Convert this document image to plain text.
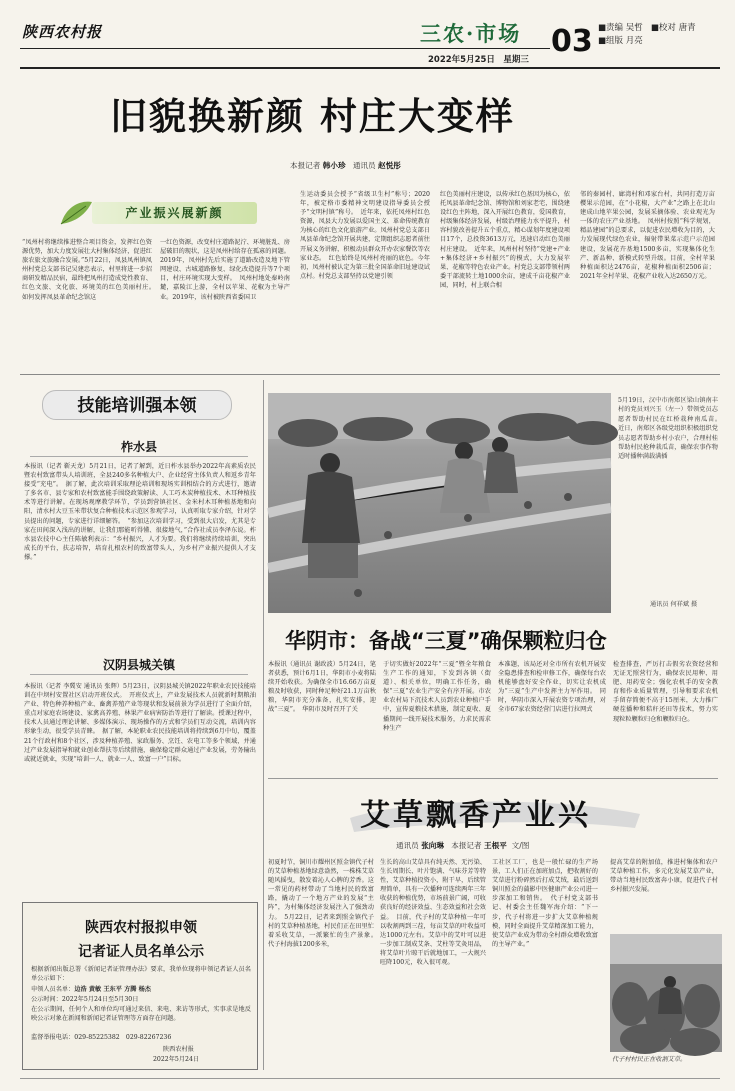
陕西农村报	三农·市场 03 ■责编 吴哲 ■校对 唐青
■组版 月亮
2022年5月25日　星期三
旧貌换新颜 村庄大变样
本报记者 韩小珍 通讯员 赵悦彤
产业振兴展新颜
“凤州村将继续推进整合项目资金，发挥红色资源优势，加大力度发展壮大村集体经济，促进红旅农旅文旅融合发展。”5月22日，凤县凤州镇凤州村党总支部书记吴建忠表示，村里将进一步招商研发精品民宿，最终把凤州打造成党性教育、红色文旅、文化旅、环境美的红色美丽村庄。　如何发挥凤县革命纪念馆这
一红色资源，改变村庄道路泥泞、环境脏乱、房屋破旧的现状，这是凤州村给存在孤寡的问题。2019年，凤州村先后实施了道路改造及地下管网建设、古城道路修复、绿化改造提升等7个项目，村庄环境实现大变样。　凤州村地处秦岭南麓，嘉陵江上游，全村以苹果、花椒为主导产业。2019年，该村被陕西省委国卫
生运动委员会授予“省级卫生村”称号；2020年，被定格市委精神文明建设指导委员会授予“文明村镇”称号。　近年来，依托凤州村红色资源，凤县大力发展以爱国主义、革命传统教育为核心的红色文化旅游产业。凤州村党总支部日凤县革命纪念馆开展共建，定期组织志愿者前往开展义务讲解，积极动员群众开办农家餐饮等农家业态。　红色始终是凤州村亮丽的底色。今年初，凤州村被认定为第三批全国革命旧址建设试点村。村党总支部坚持以党建引领
红色美丽村庄建设，以传承红色基因为核心，依托凤县革命纪念馆、博物馆和刘家老宅，围绕建设红色主阵地，深入开展红色教育，爱国教育，村级集体经济发展，村级治理能力水平提升，村容村貌改善提升五个重点，精心谋划年度建设项目17个，总投资3613万元，迅速启动红色美丽村庄建设。　近年来，凤州村村坚持“党建+产业+集体经济+乡村振兴”的模式，大力发展苹果、花椒等特色农业产业。村党总支部带领村两委干部流转土地1000余亩，建成千亩花椒产业园，同时，村上联合相
邻的秦园村、廊湾村和邓家台村，共同打造万亩樱果示范园，在“小花椒，大产业”之路上在北山建成山地苹果公园，发展采摘体验、农业观光为一体的农庄产业基地。　凤州村按照“科学规划，精品建园”的总要求，以促进农民增收为目的，大力发展现代绿色农业，辐射带果菜示范户示范园建设，发展花卉基地1500多亩，实现集体化生产、新品种、新模式转型升级。目前，全村苹果种植面积达2476亩，花椒种植面积2506亩；2021年全村苹果、花椒产业收入达2650万元。
技能培训强本领
柞水县
本报讯（记者 靳天龙）5月21日，记者了解到，近日柞水县举办2022年高素质农民暨农村致富带头人培训班，全县240多名种植大户、企业经营主体负责人和返乡青年接受“充电”。　据了解，此次培训采取理论培训和现场实训相结合的方式进行，邀请了多名市、县专家和农村致富能手围绕政策解读、人工巧木炭种植技术、木耳种植技术等进行讲解。在现场观摩教学环节，学员到营镇社区、金米村木耳种植基地和向阳，清水村大豆玉米带状复合种植技术示范区参观学习，认真听取专家介绍，针对学员提出的问题，专家进行详细解答。　“参加这次培训学习，受到很大启发，尤其是专家在田间深入浅出的讲解，让我们那能听得懂、很接地气，”合作社成员李泽东说。柞水县农技中心主任陈敏利表示：“乡村振兴，人才为要。我们将继续持续培训，突出成长的平台，扶志培智，培育扎根农村的致富带头人，为乡村产业振兴提供人才支撑。”
汉阴县城关镇
本报讯（记者 李冀安 通讯员 张辉）5月23日，汉阴县城关镇2022年职业农民技能培训在中坝村安置社区启动开班仪式。　开班仪式上，产业发展技术人员就新时期粮油产业、特色种养种植产业、畜禽养殖产业等现状和发展前景为学员进行了全面介绍，重点对家庭农场建设、家禽高养殖、林果产业病害防治等进行了解读。授课过程中，技术人员通过理论讲解、多媒体演示、现场操作的方式和学员们互动交流，培训内容形象生动，很受学员青睐。　据了解，本轮职业农民技能培训将持续到6月中旬，覆盖21个行政村和8个社区，涉及种植养殖、家政服务、烹饪、农电工等多个领域，并通过产业发展指导和就业创业帮扶等后续措施，确保稳定群众通过产业发展，劳务输出或就近就业，实现“培训一人、就业一人、致富一户”目标。
陕西农村报拟申领
记者证人员名单公示
根据新闻出版总署《新闻记者证管理办法》要求，我单位现将申领记者证人员名单公示如下：
申领人员名单：边浩 黄敏 王东平 方腾 杨杰
公示时间：2022年5月24日至5月30日
在公示期间，任何个人和单位均可通过来信、来电、来访等形式，实事求是地反映公示对象在新闻和新闻记者证管理等方面存在问题。
监督举报电话：029-85225382　029-82267236
陕西农村报
2022年5月24日
5月19日，汉中市南郑区梁山镇南丰村的党员刘兴玉（左一）带领党员志愿者帮助村民在红桥栽种南瓜苗。　近日，南郑区各级党组织积极组织党员志愿者帮助乡村小农户，合理村桂帮助村民抢种栽瓜苗，确保农事作物适时播种满载满插
通讯员 何祥斌 摄
华阴市：备战“三夏”确保颗粒归仓
本报讯（通讯员 谢政波）5月24日，笔者获悉，预计6月1日，华阴市小麦将陆续开始收获。为确保全市16.66万亩夏粮及时收获，同时种足种好21.1万亩秋粮，华阴市充分准备，扎实安排，迎战“三夏”。　华阴市及时召开了关
于切实做好2022年“三夏”暨全年粮食生产工作的通知，下发到各镇（街道）、相关单位，明确工作任务，确保“三夏”农业生产安全有序开展。市农业农村局下沉技术人员到农业种植户手中，宣传夏粮技术措施，制定夏收、夏播期间一线开展技术服务，力求民需求种生产
本准题，该局还对全市所有农机开展安全隐患排查和检审修工作，确保每台农机能够盘好安全作业，切实让农机成为“三夏”生产中发挥主力军作用。　同时，华阴市深入开展农资专项治理，对全市67家农资经营门店进行拉网式
检查排查，严厉打击假劣农资经营和无证无照营行为，确保农民用种、用肥、用药安全；强化农机手的安全教育和作业质量管理，引导和要求农机手留存简便不高于15厘米，大力推广硬茬播种和秸秆还田等技术，努力实现粒粒颗粒归仓和颗粒归仓。
艾草飘香产业兴
通讯员 张向琳 本报记者 王根平 文/图
初夏时节，铜川市耀州区照金镇代子村的艾草种植基地绿意盎然，一株株艾草随风摇曳，散发着沁人心脾的芳香。这一常见的药材带动了当地村民的致富路，撬动了一个地方产业的发展“主阵”，为村集体经济发展注入了强劲动力。　5月22日，记者来到照金镇代子村的艾草种植基地，村民们正在田里忙着采收艾草，一派繁忙的生产景象。　代子村海拔1200多米，
生长的高山艾草具有纯天然、无污染、生长周期长、叶片饱满、气味芬芳等特性，艾草种植投资小，附干早，后续管理简单，具有一次播种可连续两年三年收获的种植优势，市场前景广阔，可收获良好的经济效益、生态效益和社会效益。　目前，代子村的艾草种植一年可以收割两到三茬，每亩艾草的叶收益可达1000元左右。艾草中的艾叶可以进一步加工制成艾条、艾柱等艾灸用品，将艾草叶片晾干后就地加工，一大规兴旺降100元，收入很可观。
工社区工厂，也是一般忙碌的生产场景，工人们正在加班加点，把收割好的艾草进行粉碎然后打成艾绒，最后送到铜川照金的蒲影中医健康产业公司进一步深加工和销售。　代子村党支部书记、村委会主任魏军海介绍：“下一步，代子村将进一步扩大艾草种植规模，同时全面提升艾草精深加工能力，使艾草产业成为带动全村群众增收致富的主导产业。”
提高艾草的附加值，推进村集体和农户艾草种植工作，多元化发展艾草产业，带动当地村民致富奔小康，促进代子村乡村振兴发展。
代子村村民正在收割艾草。
